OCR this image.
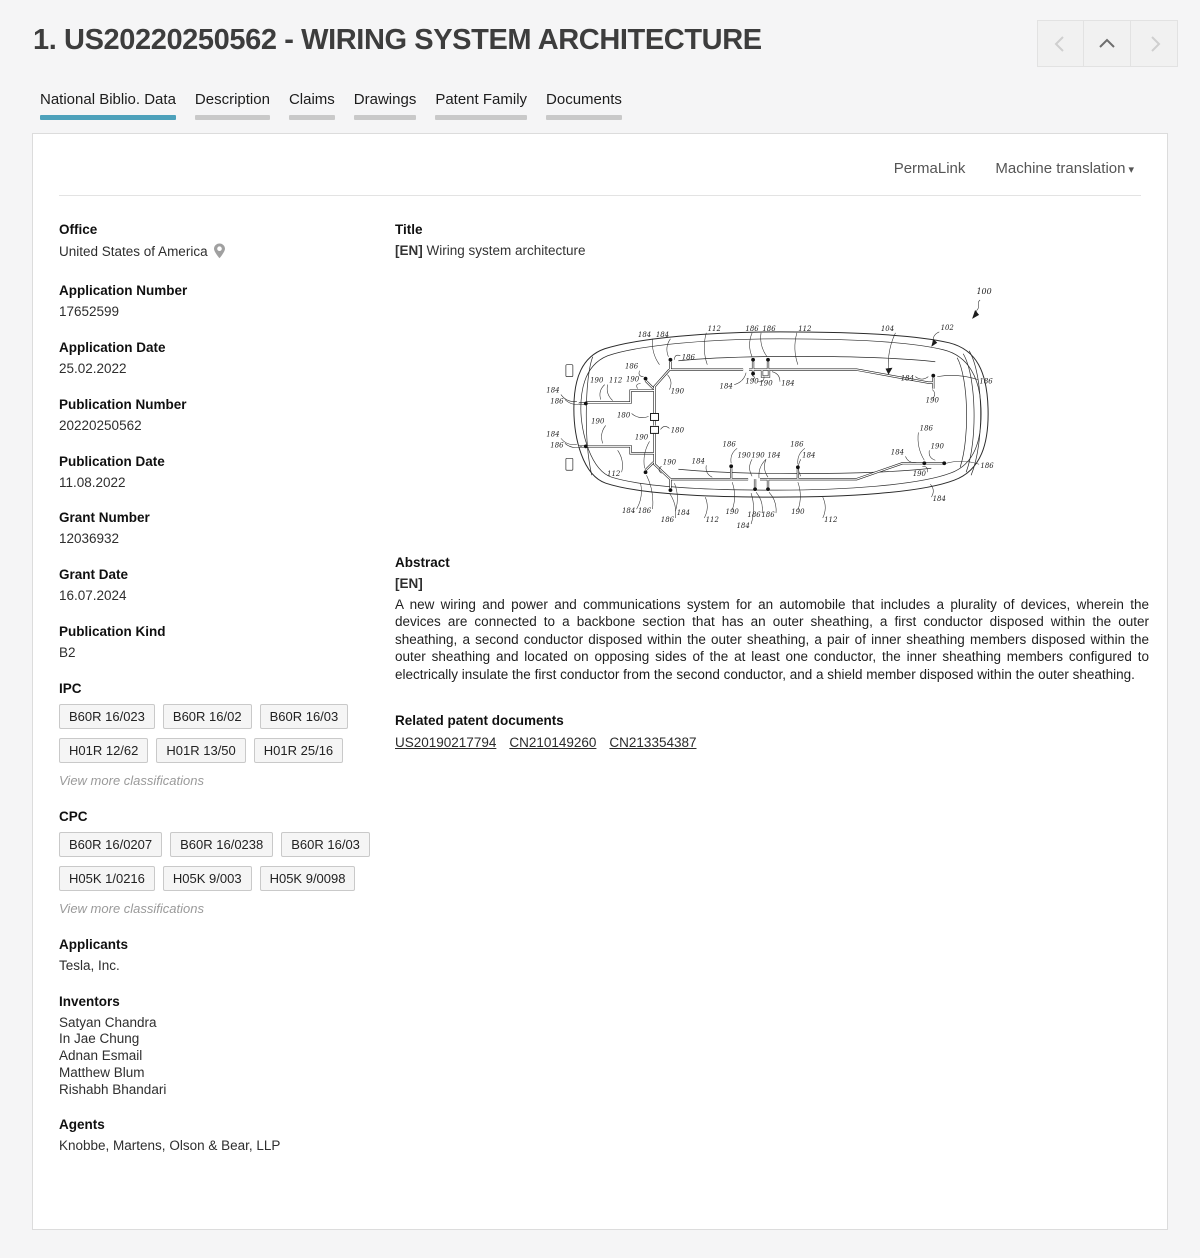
1. US20220250562 - WIRING SYSTEM ARCHITECTURE
National Biblio. Data Description Claims Drawings Patent Family Documents
PermaLink Machine translation ▾
Office
United States of America
Application Number
17652599
Application Date
25.02.2022
Publication Number
20220250562
Publication Date
11.08.2022
Grant Number
12036932
Grant Date
16.07.2024
Publication Kind
B2
IPC
B60R 16/023 B60R 16/02 B60R 16/03H01R 12/62 H01R 13/50 H01R 25/16
View more classifications
CPC
B60R 16/0207 B60R 16/0238 B60R 16/03H05K 1/0216 H05K 9/003 H05K 9/0098
View more classifications
Applicants
Tesla, Inc.
Inventors
Satyan Chandra
In Jae Chung
Adnan Esmail
Matthew Blum
Rishabh Bhandari
Agents
Knobbe, Martens, Olson & Bear, LLP
Title
[EN] Wiring system architecture
184 184
112	186 186	112	104	102
100
186
186
190 112 190
184
186
190
180
180
190
184
186
190
190
112
184
190 190 184
184	186
190
186
184
190
186
190
184
186
184
190 190 184
186
184
184 186
186
184
112
190
184
186 186 190
112
Abstract
[EN]
A new wiring and power and communications system for an automobile that includes a plurality of devices, wherein the devices are connected to a backbone section that has an outer sheathing, a first conductor disposed within the outer sheathing, a second conductor disposed within the outer sheathing, a pair of inner sheathing members disposed within the outer sheathing and located on opposing sides of the at least one conductor, the inner sheathing members configured to electrically insulate the first conductor from the second conductor, and a shield member disposed within the outer sheathing.
Related patent documents
US20190217794 CN210149260 CN213354387
